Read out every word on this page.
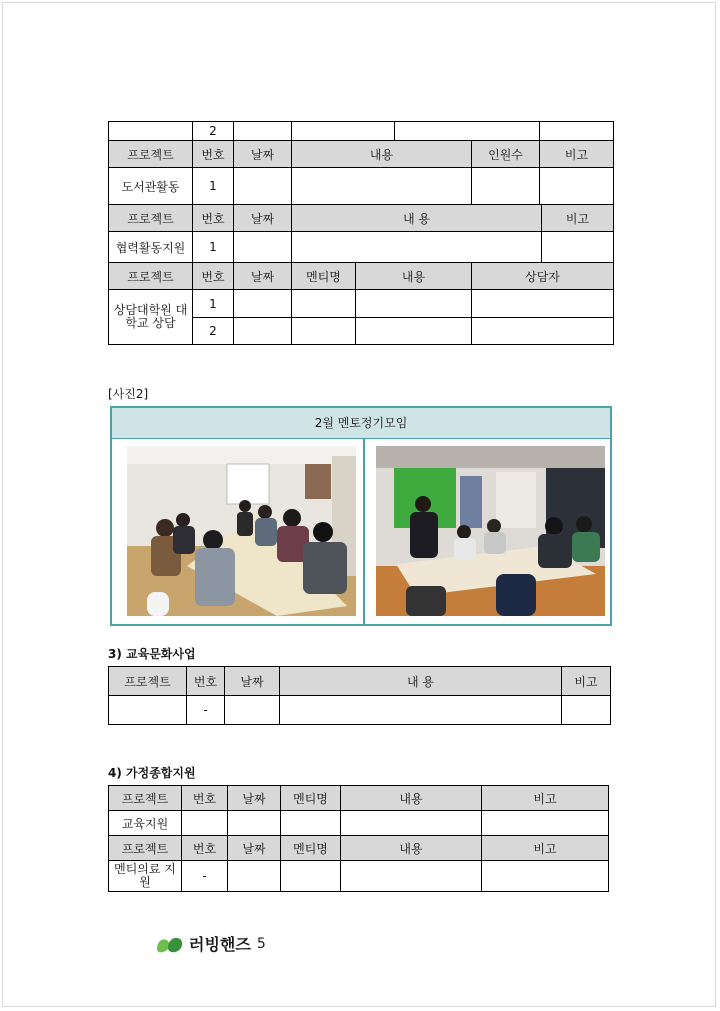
	2							
프로젝트	번호	날짜	내용			인원수	비고	
도서관활동	1							
프로젝트	번호	날짜	내 용					비고
협력활동지원	1							
프로젝트	번호	날짜	멘티명	내용		상담자		
상담대학원 대학교 상담	1							
	2							
[사진2]
2월 멘토정기모임
3) 교육문화사업
프로젝트	번호	날짜	내 용	비고
	-			
4) 가정종합지원
프로젝트	번호	날짜	멘티명	내용	비고
교육지원					
프로젝트	번호	날짜	멘티명	내용	비고
멘티의료 지원	-				
러빙핸즈 5
